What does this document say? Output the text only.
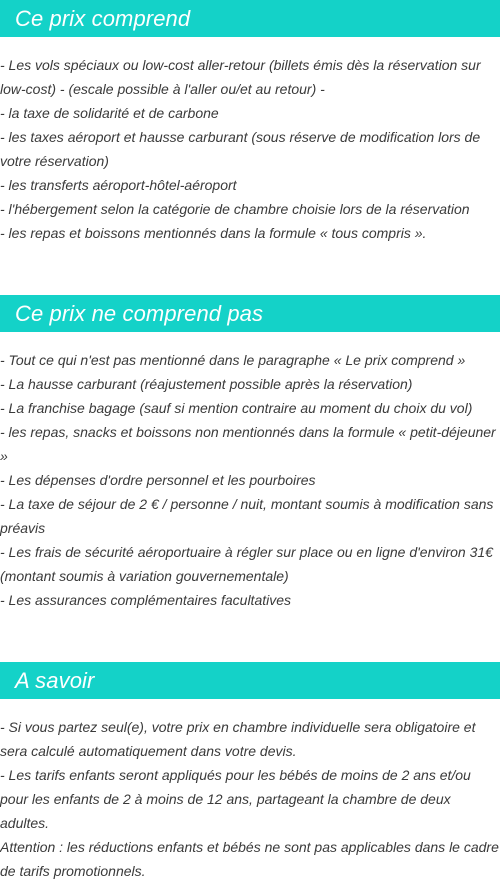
Ce prix comprend

- Les vols spéciaux ou low-cost aller-retour (billets émis dès la réservation sur low-cost) - (escale possible à l'aller ou/et au retour) -

- la taxe de solidarité et de carbone

- les taxes aéroport et hausse carburant (sous réserve de modification lors de votre réservation)

- les transferts aéroport-hôtel-aéroport

- l'hébergement selon la catégorie de chambre choisie lors de la réservation

- les repas et boissons mentionnés dans la formule « tous compris ».

Ce prix ne comprend pas

- Tout ce qui n'est pas mentionné dans le paragraphe « Le prix comprend »

- La hausse carburant (réajustement possible après la réservation)

- La franchise bagage (sauf si mention contraire au moment du choix du vol)

- les repas, snacks et boissons non mentionnés dans la formule « petit-déjeuner »

- Les dépenses d'ordre personnel et les pourboires

- La taxe de séjour de 2 € / personne / nuit, montant soumis à modification sans préavis

- Les frais de sécurité aéroportuaire à régler sur place ou en ligne d'environ 31€ (montant soumis à variation gouvernementale)

- Les assurances complémentaires facultatives

A savoir

- Si vous partez seul(e), votre prix en chambre individuelle sera obligatoire et sera calculé automatiquement dans votre devis.

- Les tarifs enfants seront appliqués pour les bébés de moins de 2 ans et/ou pour les enfants de 2 à moins de 12 ans, partageant la chambre de deux adultes.

Attention : les réductions enfants et bébés ne sont pas applicables dans le cadre de tarifs promotionnels.
